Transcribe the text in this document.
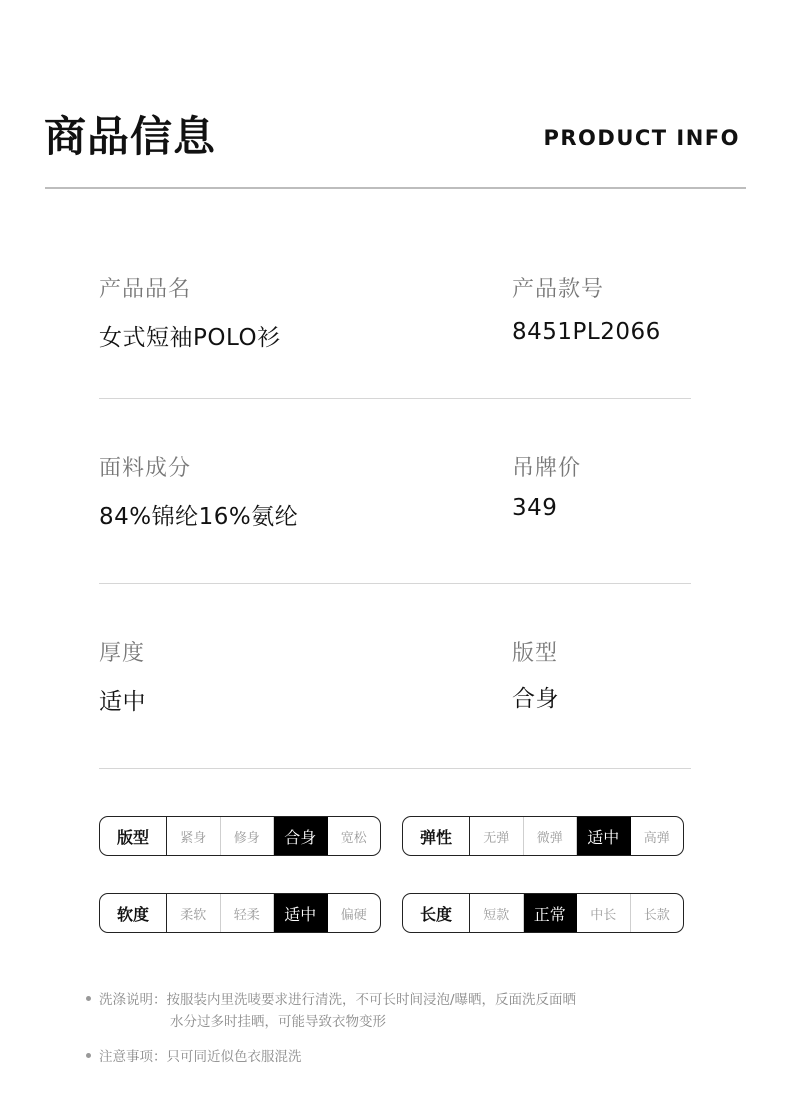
商品信息	PRODUCT INFO
产品品名
女式短袖POLO衫
产品款号
8451PL2066
面料成分
84%锦纶16%氨纶
吊牌价
349
厚度
适中
版型
合身
版型	紧身	修身	合身	宽松	弹性	无弹	微弹	适中	高弹
软度	柔软	轻柔	适中	偏硬	长度	短款	正常	中长	长款
洗涤说明：按服装内里洗唛要求进行清洗，不可长时间浸泡/曝晒，反面洗反面晒
水分过多时挂晒，可能导致衣物变形
注意事项：只可同近似色衣服混洗
